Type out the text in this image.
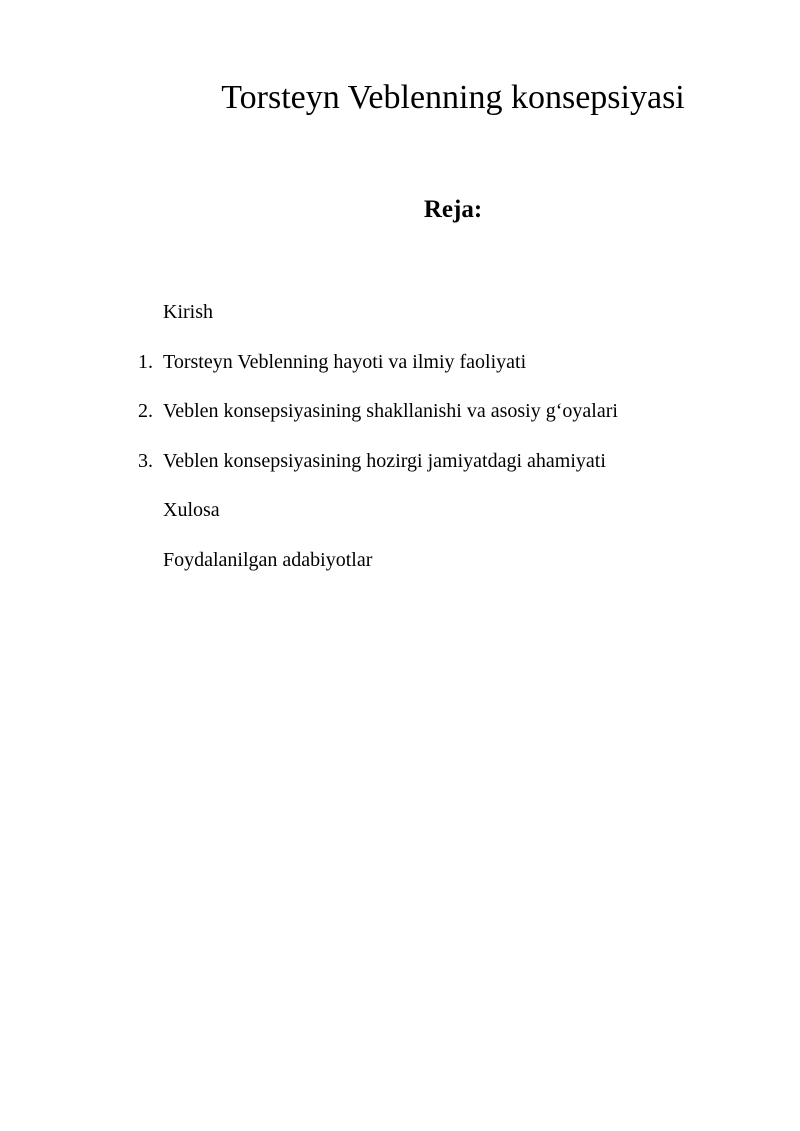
Torsteyn Veblenning konsepsiyasi
Reja:
Kirish
1. Torsteyn Veblenning hayoti va ilmiy faoliyati
2. Veblen konsepsiyasining shakllanishi va asosiy g‘oyalari
3. Veblen konsepsiyasining hozirgi jamiyatdagi ahamiyati
Xulosa
Foydalanilgan adabiyotlar
